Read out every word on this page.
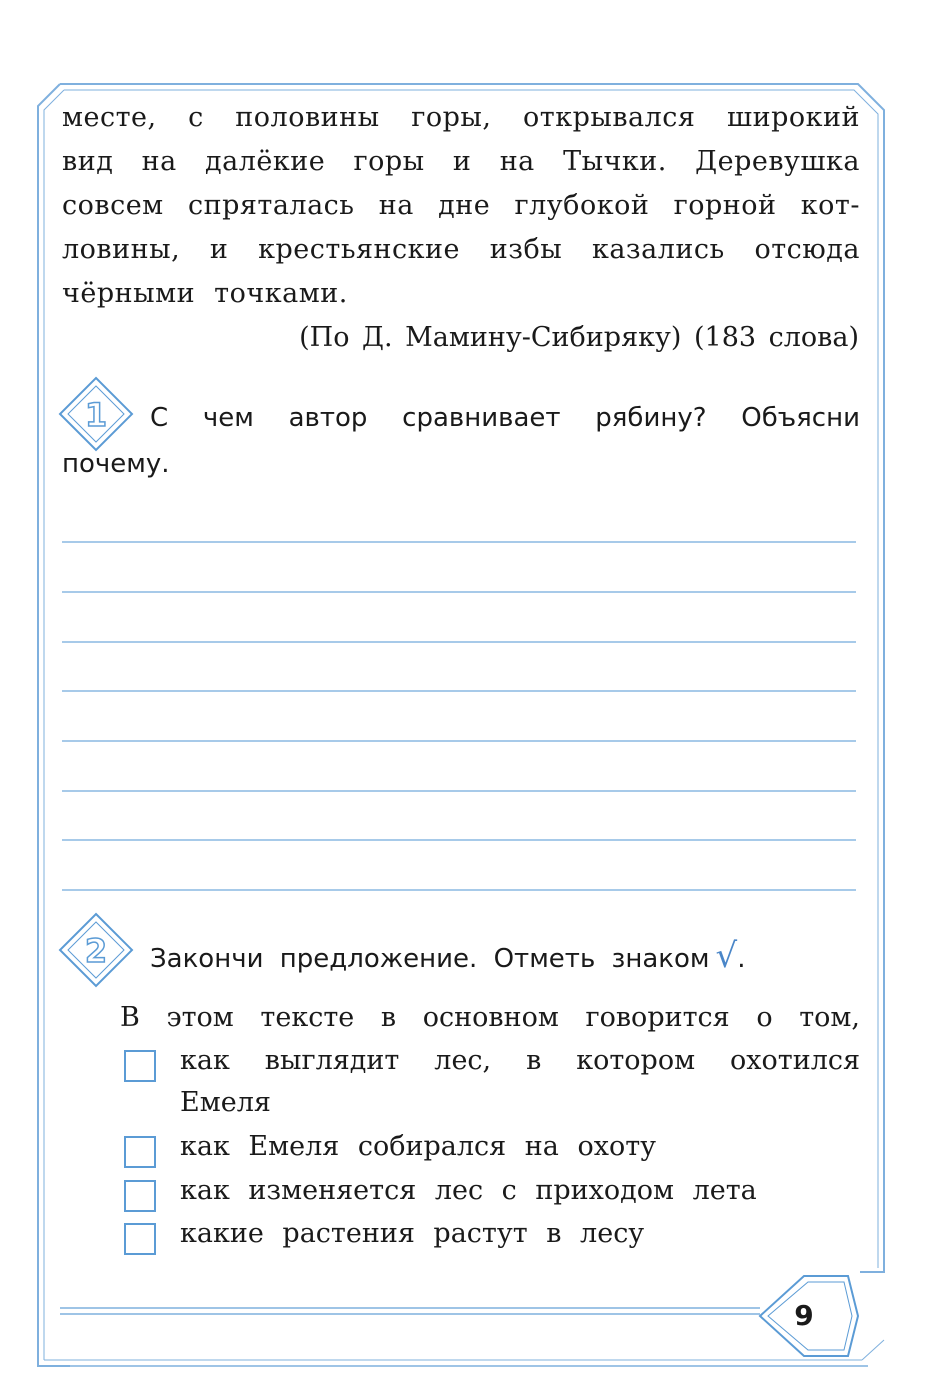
1
2
месте, с половины горы, открывался широкий
вид на далёкие горы и на Тычки. Деревушка
совсем спряталась на дне глубокой горной кот-
ловины, и крестьянские избы казались отсюда
чёрными точками.
(По Д. Мамину-Сибиряку) (183 слова)
С чем автор сравнивает рябину? Объясни
почему.
Закончи предложение. Отметь знаком √.
В этом тексте в основном говорится о том,
как выглядит лес, в котором охотился
Емеля
как Емеля собирался на охоту
как изменяется лес с приходом лета
какие растения растут в лесу
9
